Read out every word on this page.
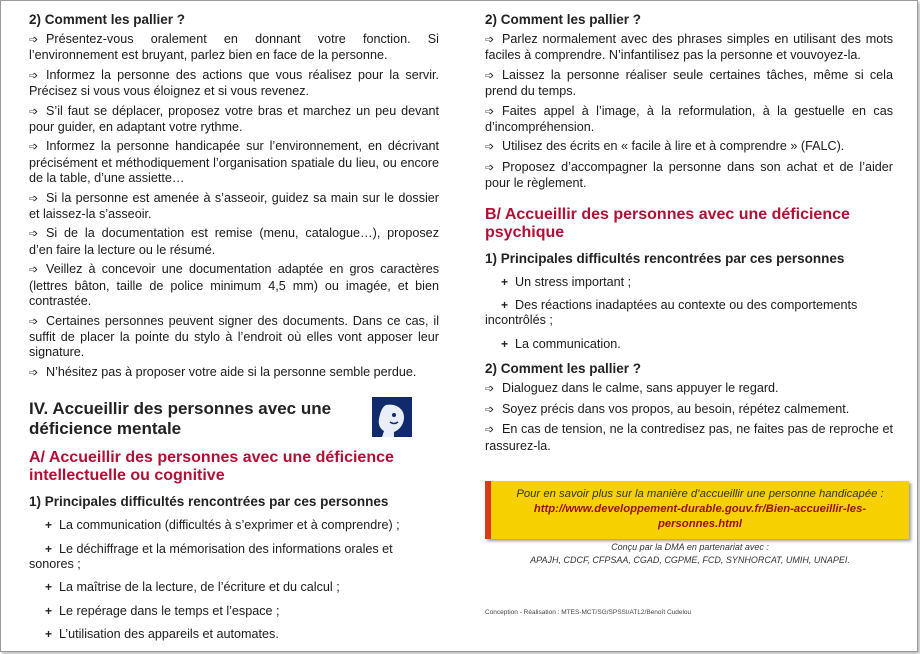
2) Comment les pallier ?

➩ Présentez-vous oralement en donnant votre fonction. Si l’environnement est bruyant, parlez bien en face de la personne.

➩ Informez la personne des actions que vous réalisez pour la servir. Précisez si vous vous éloignez et si vous revenez.

➩ S’il faut se déplacer, proposez votre bras et marchez un peu devant pour guider, en adaptant votre rythme.

➩ Informez la personne handicapée sur l’environnement, en décrivant précisément et méthodiquement l’organisation spatiale du lieu, ou encore de la table, d’une assiette…

➩ Si la personne est amenée à s’asseoir, guidez sa main sur le dossier et laissez-la s’asseoir.

➩ Si de la documentation est remise (menu, catalogue…), proposez d’en faire la lecture ou le résumé.

➩ Veillez à concevoir une documentation adaptée en gros caractères (lettres bâton, taille de police minimum 4,5 mm) ou imagée, et bien contrastée.

➩ Certaines personnes peuvent signer des documents. Dans ce cas, il suffit de placer la pointe du stylo à l’endroit où elles vont apposer leur signature.

➩ N’hésitez pas à proposer votre aide si la personne semble perdue.

IV. Accueillir des personnes avec une déficience mentale

A/ Accueillir des personnes avec une déficience intellectuelle ou cognitive

1) Principales difficultés rencontrées par ces personnes

+ La communication (difficultés à s’exprimer et à comprendre) ;

+ Le déchiffrage et la mémorisation des informations orales et sonores ;

+ La maîtrise de la lecture, de l’écriture et du calcul ;

+ Le repérage dans le temps et l’espace ;

+ L’utilisation des appareils et automates.

2) Comment les pallier ?

➩ Parlez normalement avec des phrases simples en utilisant des mots faciles à comprendre. N’infantilisez pas la personne et vouvoyez-la.

➩ Laissez la personne réaliser seule certaines tâches, même si cela prend du temps.

➩ Faites appel à l’image, à la reformulation, à la gestuelle en cas d’incompréhension.

➩ Utilisez des écrits en « facile à lire et à comprendre » (FALC).

➩ Proposez d’accompagner la personne dans son achat et de l’aider pour le règlement.

B/ Accueillir des personnes avec une déficience psychique

1) Principales difficultés rencontrées par ces personnes

+ Un stress important ;

+ Des réactions inadaptées au contexte ou des comportements incontrôlés ;

+ La communication.

2) Comment les pallier ?

➩ Dialoguez dans le calme, sans appuyer le regard.

➩ Soyez précis dans vos propos, au besoin, répétez calmement.

➩ En cas de tension, ne la contredisez pas, ne faites pas de reproche et rassurez-la.

Pour en savoir plus sur la manière d’accueillir une personne handicapée :
http://www.developpement-durable.gouv.fr/Bien-accueillir-les-personnes.html
Conçu par la DMA en partenariat avec :
APAJH, CDCF, CFPSAA, CGAD, CGPME, FCD, SYNHORCAT, UMIH, UNAPEI.
Conception - Réalisation : MTES-MCT/SG/SPSSI/ATL2/Benoît Cudelou
